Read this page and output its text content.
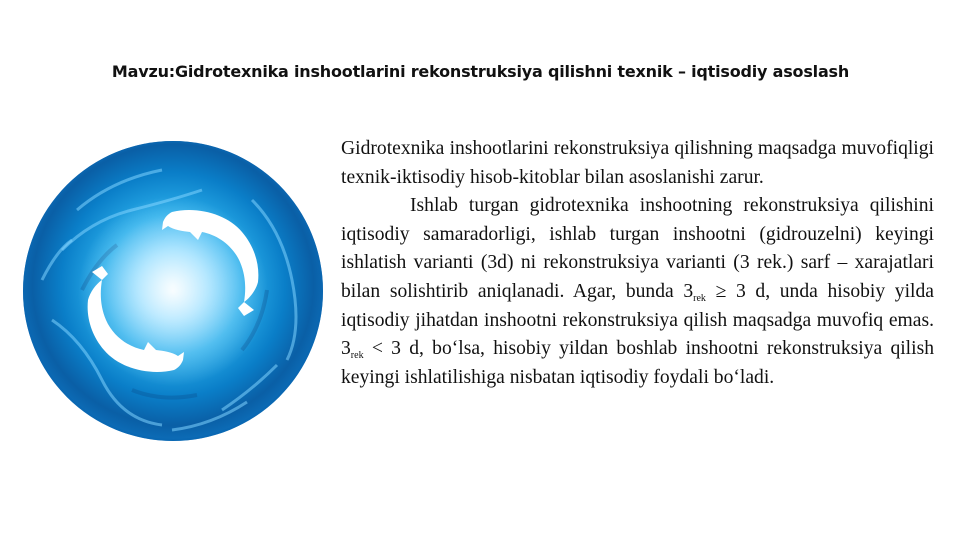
Mavzu:Gidrotexnika inshootlarini rekonstruksiya qilishni texnik – iqtisodiy asoslash

Gidrotexnika inshootlarini rekonstruksiya qilishning maqsadga muvofiqligi texnik-iktisodiy hisob-kitoblar bilan asoslanishi zarur.

Ishlab turgan gidrotexnika inshootning rekonstruksiya qilishini iqtisodiy samaradorligi, ishlab turgan inshootni (gidrouzelni) keyingi ishlatish varianti (3d) ni rekonstruksiya varianti (3 rek.) sarf – xarajatlari bilan solishtirib aniqlanadi. Agar, bunda $3_{rek} \ge 3$ d, unda hisobiy yilda iqtisodiy jihatdan inshootni rekonstruksiya qilish maqsadga muvofiq emas. $3_{rek} < 3$ d, bo‘lsa, hisobiy yildan boshlab inshootni rekonstruksiya qilish keyingi ishlatilishiga nisbatan iqtisodiy foydali bo‘ladi.
